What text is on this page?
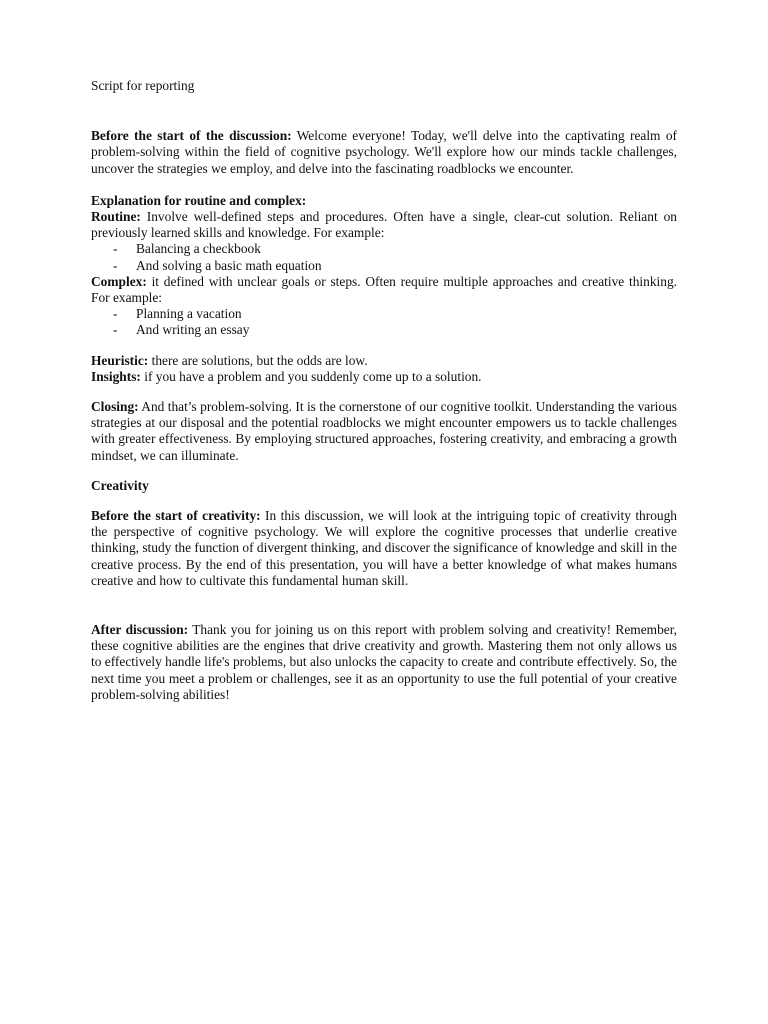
Script for reporting

Before the start of the discussion: Welcome everyone! Today, we'll delve into the captivating realm of problem-solving within the field of cognitive psychology. We'll explore how our minds tackle challenges, uncover the strategies we employ, and delve into the fascinating roadblocks we encounter.

Explanation for routine and complex:

Routine: Involve well-defined steps and procedures. Often have a single, clear-cut solution. Reliant on previously learned skills and knowledge. For example:

- Balancing a checkbook
- And solving a basic math equation

Complex: it defined with unclear goals or steps. Often require multiple approaches and creative thinking. For example:

- Planning a vacation
- And writing an essay

Heuristic: there are solutions, but the odds are low.

Insights: if you have a problem and you suddenly come up to a solution.

Closing: And that’s problem-solving. It is the cornerstone of our cognitive toolkit. Understanding the various strategies at our disposal and the potential roadblocks we might encounter empowers us to tackle challenges with greater effectiveness. By employing structured approaches, fostering creativity, and embracing a growth mindset, we can illuminate.

Creativity

Before the start of creativity: In this discussion, we will look at the intriguing topic of creativity through the perspective of cognitive psychology. We will explore the cognitive processes that underlie creative thinking, study the function of divergent thinking, and discover the significance of knowledge and skill in the creative process. By the end of this presentation, you will have a better knowledge of what makes humans creative and how to cultivate this fundamental human skill.

After discussion: Thank you for joining us on this report with problem solving and creativity! Remember, these cognitive abilities are the engines that drive creativity and growth. Mastering them not only allows us to effectively handle life's problems, but also unlocks the capacity to create and contribute effectively. So, the next time you meet a problem or challenges, see it as an opportunity to use the full potential of your creative problem-solving abilities!
